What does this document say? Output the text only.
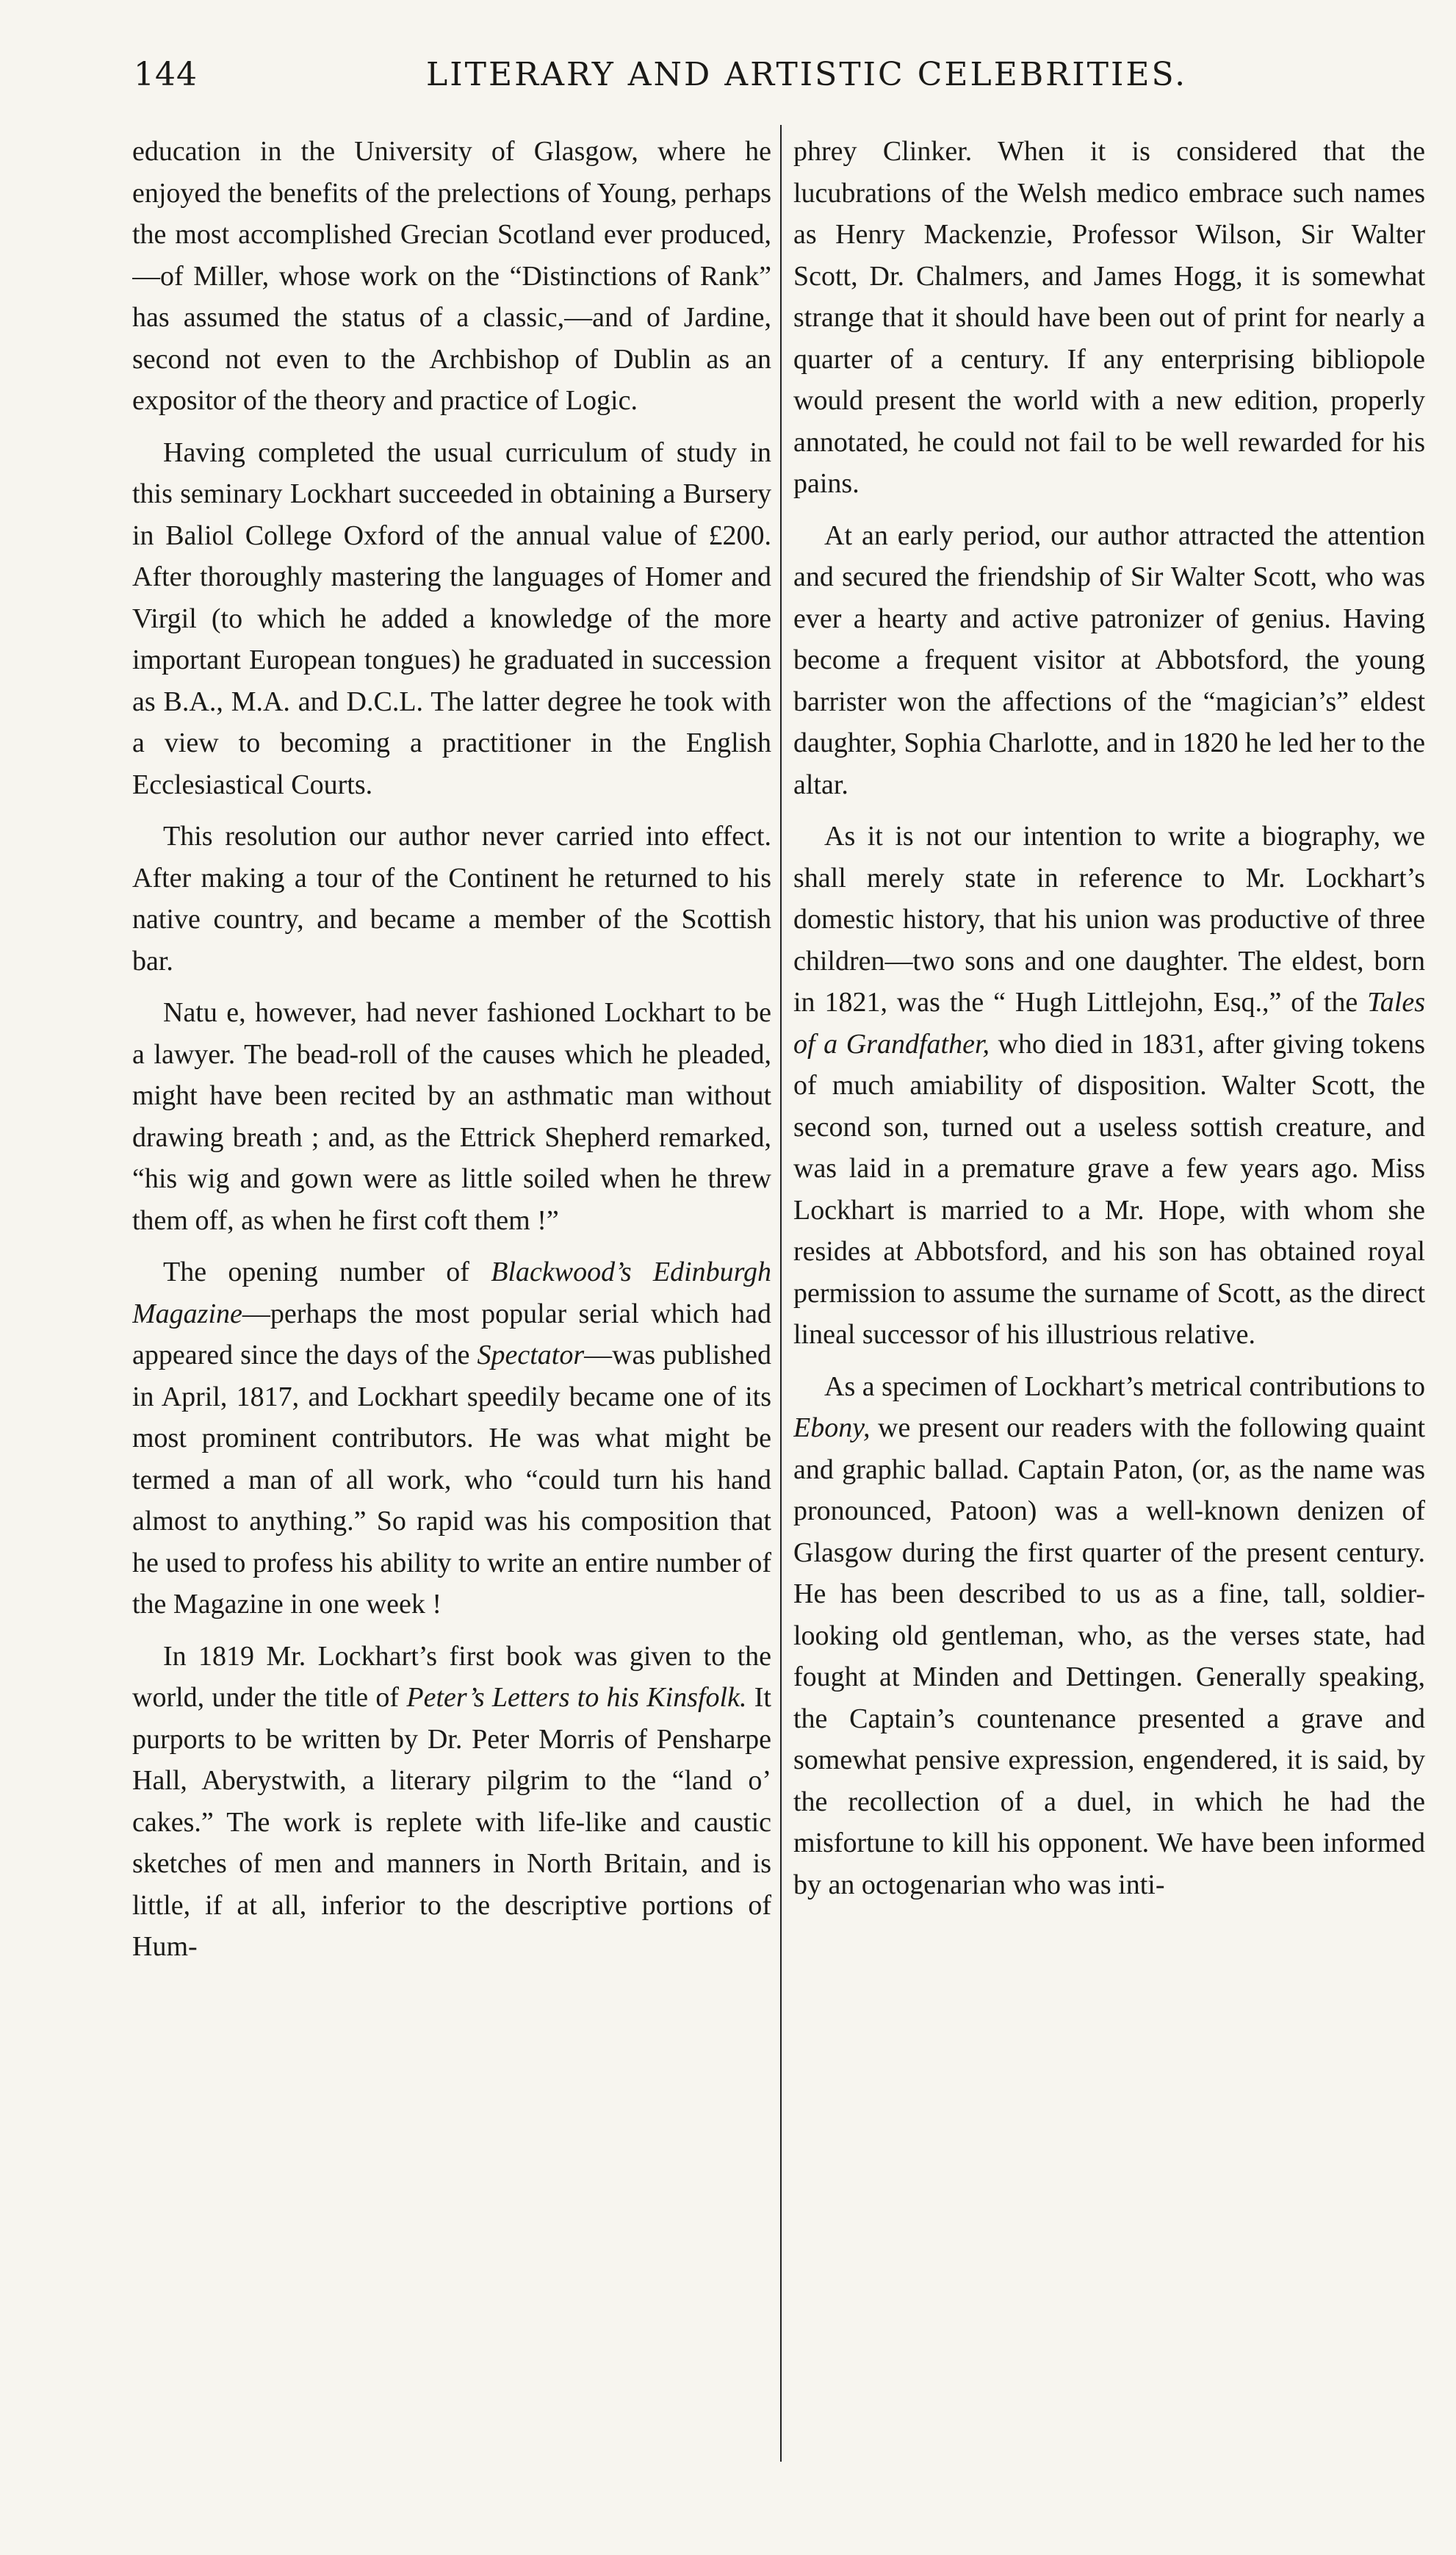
144	LITERARY AND ARTISTIC CELEBRITIES.

education in the University of Glasgow, where he enjoyed the benefits of the prelections of Young, perhaps the most accomplished Grecian Scotland ever produced,—of Miller, whose work on the “Distinctions of Rank” has assumed the status of a classic,—and of Jardine, second not even to the Archbishop of Dublin as an expositor of the theory and practice of Logic.

Having completed the usual curriculum of study in this seminary Lockhart succeeded in obtaining a Bursery in Baliol College Oxford of the annual value of £200. After thoroughly mastering the languages of Homer and Virgil (to which he added a knowledge of the more important European tongues) he graduated in succession as B.A., M.A. and D.C.L. The latter degree he took with a view to becoming a practitioner in the English Ecclesiastical Courts.

This resolution our author never carried into effect. After making a tour of the Continent he returned to his native country, and became a member of the Scottish bar.

Natu e, however, had never fashioned Lockhart to be a lawyer. The bead-roll of the causes which he pleaded, might have been recited by an asthmatic man without drawing breath ; and, as the Ettrick Shepherd remarked, “his wig and gown were as little soiled when he threw them off, as when he first coft them !”

The opening number of Blackwood’s Edinburgh Magazine—perhaps the most popular serial which had appeared since the days of the Spectator—was published in April, 1817, and Lockhart speedily became one of its most prominent contributors. He was what might be termed a man of all work, who “could turn his hand almost to anything.” So rapid was his composition that he used to profess his ability to write an entire number of the Magazine in one week !

In 1819 Mr. Lockhart’s first book was given to the world, under the title of Peter’s Letters to his Kinsfolk. It purports to be written by Dr. Peter Morris of Pensharpe Hall, Aberystwith, a literary pilgrim to the “land o’ cakes.” The work is replete with life-like and caustic sketches of men and manners in North Britain, and is little, if at all, inferior to the descriptive portions of Hum-

phrey Clinker. When it is considered that the lucubrations of the Welsh medico embrace such names as Henry Mackenzie, Professor Wilson, Sir Walter Scott, Dr. Chalmers, and James Hogg, it is somewhat strange that it should have been out of print for nearly a quarter of a century. If any enterprising bibliopole would present the world with a new edition, properly annotated, he could not fail to be well rewarded for his pains.

At an early period, our author attracted the attention and secured the friendship of Sir Walter Scott, who was ever a hearty and active patronizer of genius. Having become a frequent visitor at Abbotsford, the young barrister won the affections of the “magician’s” eldest daughter, Sophia Charlotte, and in 1820 he led her to the altar.

As it is not our intention to write a biography, we shall merely state in reference to Mr. Lockhart’s domestic history, that his union was productive of three children—two sons and one daughter. The eldest, born in 1821, was the “ Hugh Littlejohn, Esq.,” of the Tales of a Grandfather, who died in 1831, after giving tokens of much amiability of disposition. Walter Scott, the second son, turned out a useless sottish creature, and was laid in a premature grave a few years ago. Miss Lockhart is married to a Mr. Hope, with whom she resides at Abbotsford, and his son has obtained royal permission to assume the surname of Scott, as the direct lineal successor of his illustrious relative.

As a specimen of Lockhart’s metrical contributions to Ebony, we present our readers with the following quaint and graphic ballad. Captain Paton, (or, as the name was pronounced, Patoon) was a well-known denizen of Glasgow during the first quarter of the present century. He has been described to us as a fine, tall, soldier-looking old gentleman, who, as the verses state, had fought at Minden and Dettingen. Generally speaking, the Captain’s countenance presented a grave and somewhat pensive expression, engendered, it is said, by the recollection of a duel, in which he had the misfortune to kill his opponent. We have been informed by an octogenarian who was inti-
